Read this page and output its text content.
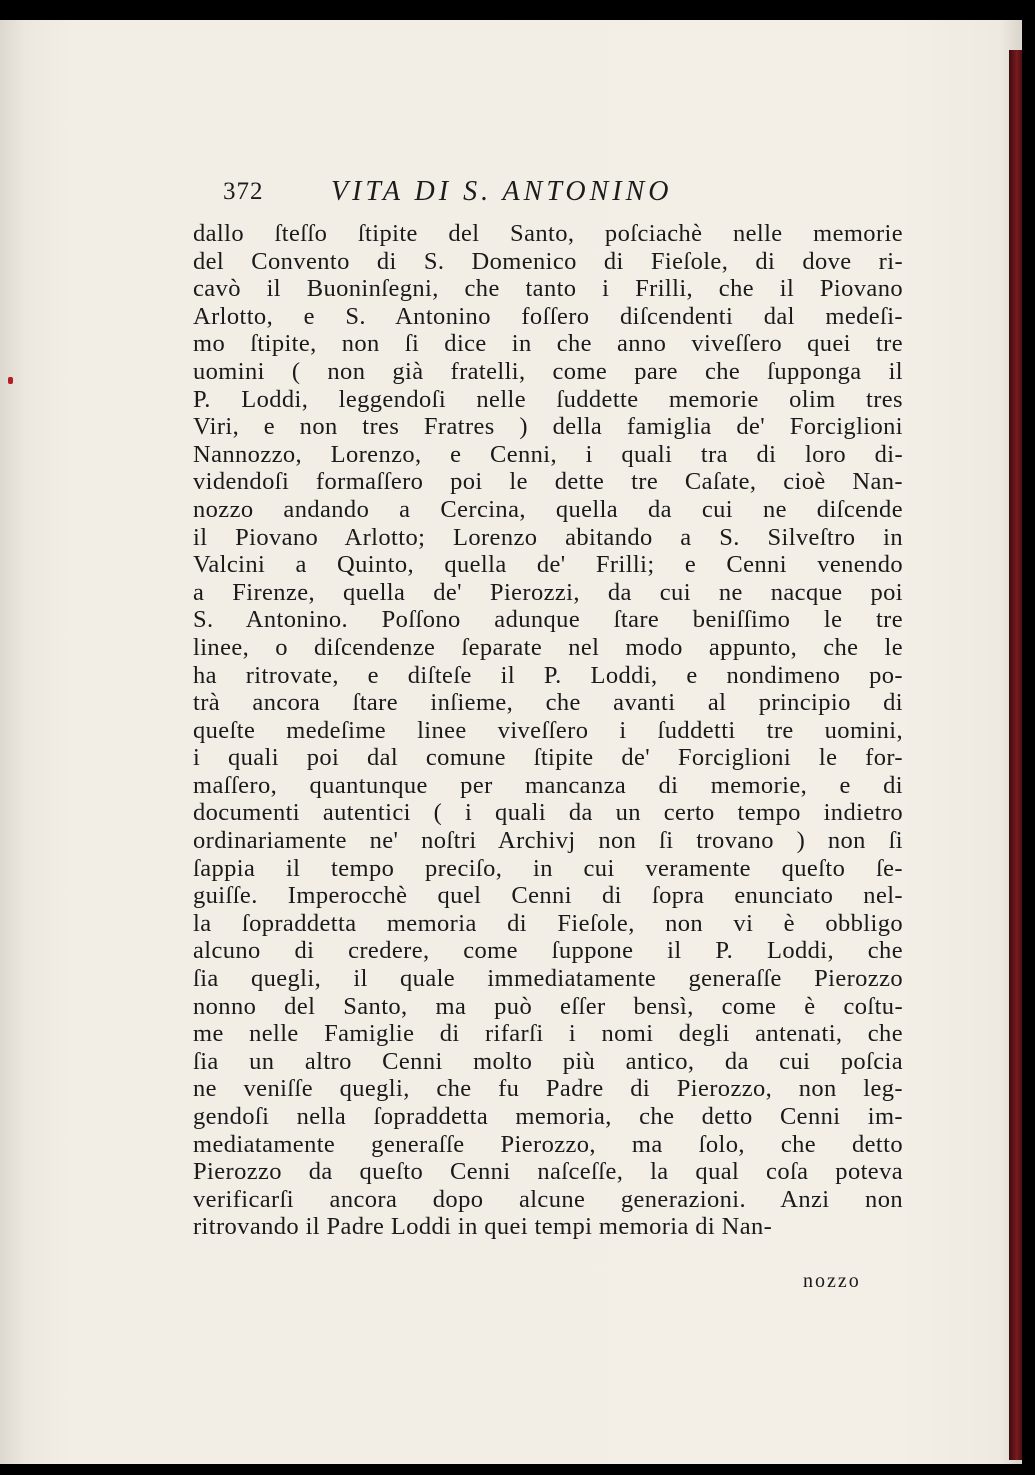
372 VITA DI S. ANTONINO
dallo ſteſſo ſtipite del Santo, poſciachè nelle memorie
del Convento di S. Domenico di Fieſole, di dove ri-
cavò il Buoninſegni, che tanto i Frilli, che il Piovano
Arlotto, e S. Antonino foſſero diſcendenti dal medeſi-
mo ſtipite, non ſi dice in che anno viveſſero quei tre
uomini ( non già fratelli, come pare che ſupponga il
P. Loddi, leggendoſi nelle ſuddette memorie olim tres
Viri, e non tres Fratres ) della famiglia de' Forciglioni
Nannozzo, Lorenzo, e Cenni, i quali tra di loro di-
videndoſi formaſſero poi le dette tre Caſate, cioè Nan-
nozzo andando a Cercina, quella da cui ne diſcende
il Piovano Arlotto; Lorenzo abitando a S. Silveſtro in
Valcini a Quinto, quella de' Frilli; e Cenni venendo
a Firenze, quella de' Pierozzi, da cui ne nacque poi
S. Antonino. Poſſono adunque ſtare beniſſimo le tre
linee, o diſcendenze ſeparate nel modo appunto, che le
ha ritrovate, e diſteſe il P. Loddi, e nondimeno po-
trà ancora ſtare inſieme, che avanti al principio di
queſte medeſime linee viveſſero i ſuddetti tre uomini,
i quali poi dal comune ſtipite de' Forciglioni le for-
maſſero, quantunque per mancanza di memorie, e di
documenti autentici ( i quali da un certo tempo indietro
ordinariamente ne' noſtri Archivj non ſi trovano ) non ſi
ſappia il tempo preciſo, in cui veramente queſto ſe-
guiſſe. Imperocchè quel Cenni di ſopra enunciato nel-
la ſopraddetta memoria di Fieſole, non vi è obbligo
alcuno di credere, come ſuppone il P. Loddi, che
ſia quegli, il quale immediatamente generaſſe Pierozzo
nonno del Santo, ma può eſſer bensì, come è coſtu-
me nelle Famiglie di rifarſi i nomi degli antenati, che
ſia un altro Cenni molto più antico, da cui poſcia
ne veniſſe quegli, che fu Padre di Pierozzo, non leg-
gendoſi nella ſopraddetta memoria, che detto Cenni im-
mediatamente generaſſe Pierozzo, ma ſolo, che detto
Pierozzo da queſto Cenni naſceſſe, la qual coſa poteva
verificarſi ancora dopo alcune generazioni. Anzi non
ritrovando il Padre Loddi in quei tempi memoria di Nan-
nozzo
